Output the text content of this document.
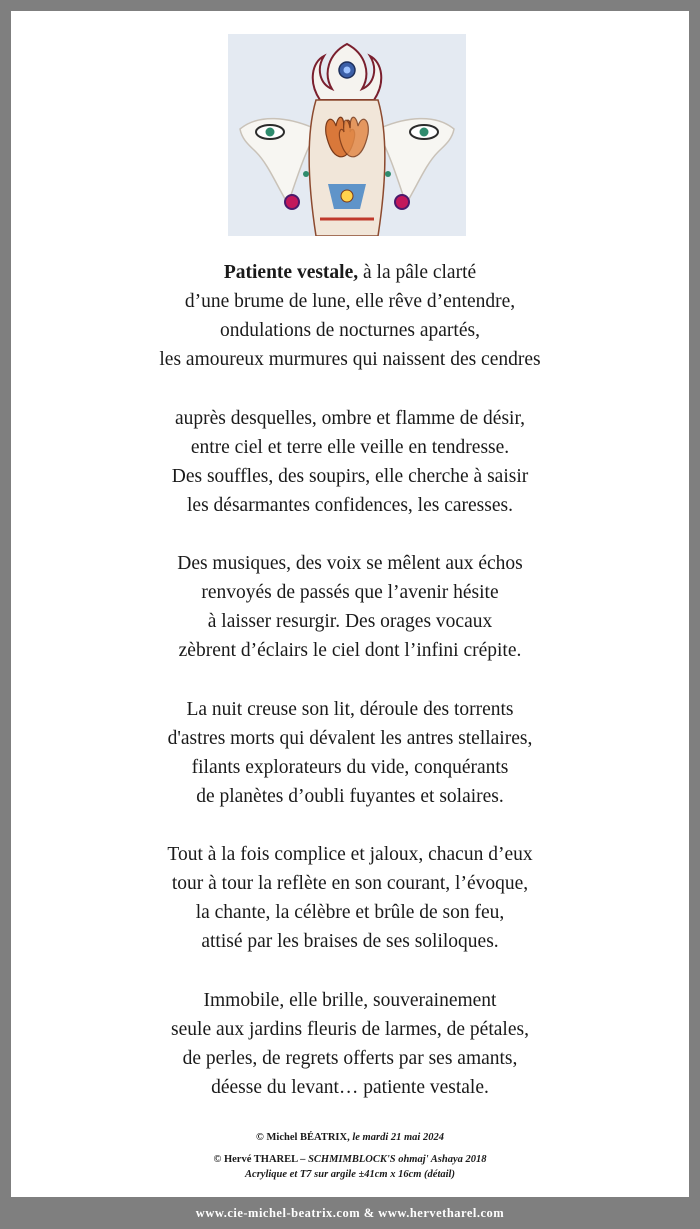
Patiente vestale, à la pâle clarté
d’une brume de lune, elle rêve d’entendre,
ondulations de nocturnes apartés,
les amoureux murmures qui naissent des cendres
auprès desquelles, ombre et flamme de désir,
entre ciel et terre elle veille en tendresse.
Des souffles, des soupirs, elle cherche à saisir
les désarmantes confidences, les caresses.
Des musiques, des voix se mêlent aux échos
renvoyés de passés que l’avenir hésite
à laisser resurgir. Des orages vocaux
zèbrent d’éclairs le ciel dont l’infini crépite.
La nuit creuse son lit, déroule des torrents
d'astres morts qui dévalent les antres stellaires,
filants explorateurs du vide, conquérants
de planètes d’oubli fuyantes et solaires.
Tout à la fois complice et jaloux, chacun d’eux
tour à tour la reflète en son courant, l’évoque,
la chante, la célèbre et brûle de son feu,
attisé par les braises de ses soliloques.
Immobile, elle brille, souverainement
seule aux jardins fleuris de larmes, de pétales,
de perles, de regrets offerts par ses amants,
déesse du levant… patiente vestale.
© Michel BÉATRIX, le mardi 21 mai 2024
© Hervé THAREL – SCHMIMBLOCK'S ohmaj' Ashaya 2018
Acrylique et T7 sur argile ±41cm x 16cm (détail)
www.cie-michel-beatrix.com & www.hervetharel.com
